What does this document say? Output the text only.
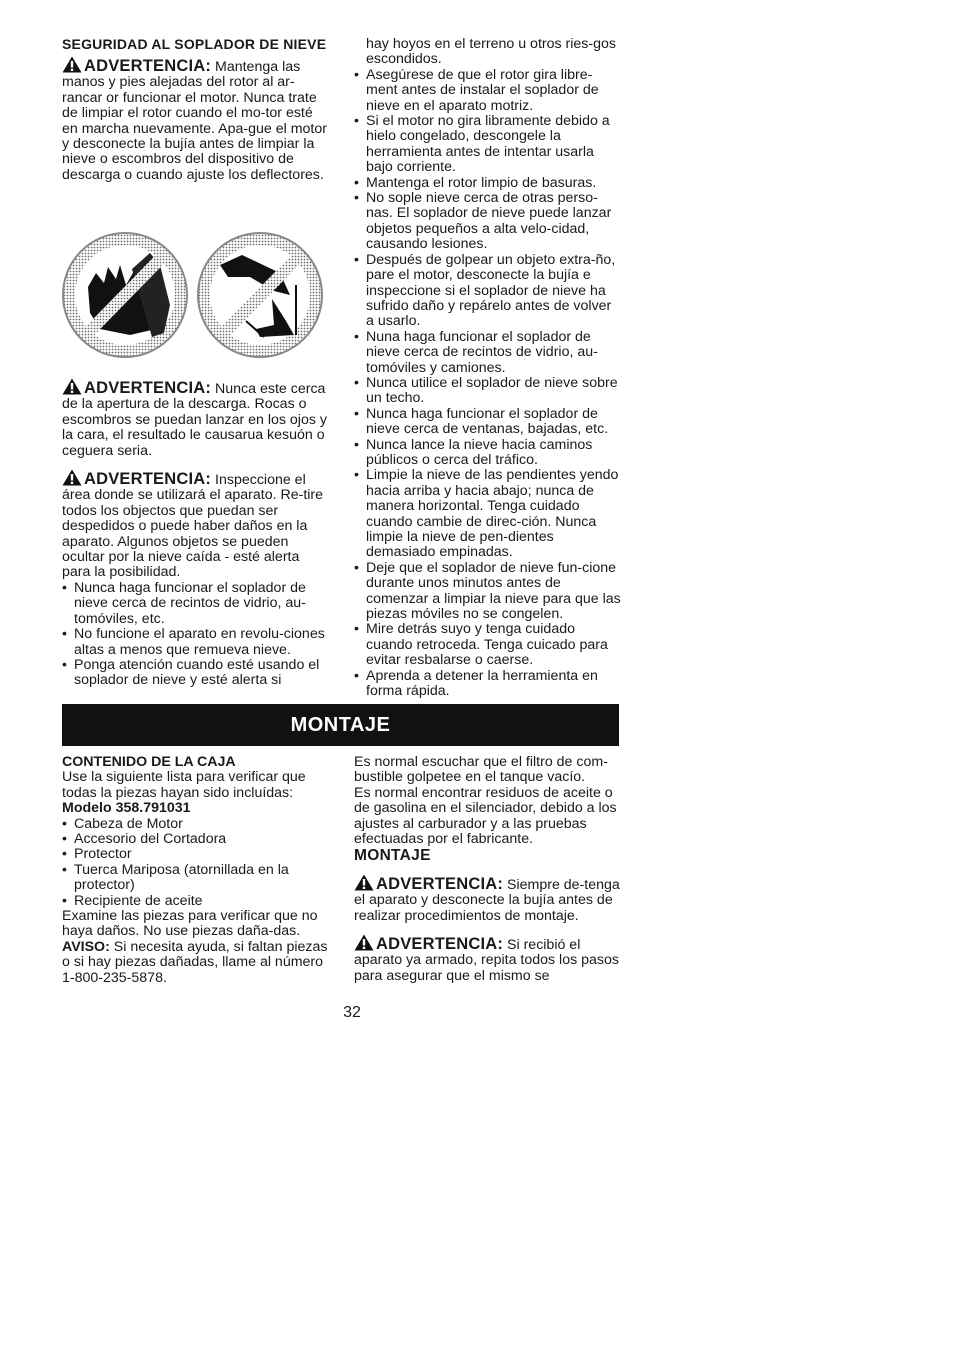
SEGURIDAD AL SOPLADOR DE NIEVE

ADVERTENCIA: Mantenga las manos y pies alejadas del rotor al ar-rancar or funcionar el motor. Nunca trate de limpiar el rotor cuando el mo-tor esté en marcha nuevamente. Apa-gue el motor y desconecte la bujía antes de limpiar la nieve o escombros del dispositivo de descarga o cuando ajuste los deflectores.

ADVERTENCIA: Nunca este cerca de la apertura de la descarga. Rocas o escombros se puedan lanzar en los ojos y la cara, el resultado le causarua kesuón o ceguera seria.

ADVERTENCIA: Inspeccione el área donde se utilizará el aparato. Re-tire todos los objectos que puedan ser despedidos o puede haber daños en la aparato. Algunos objetos se pueden ocultar por la nieve caída - esté alerta para la posibilidad.

• Nunca haga funcionar el soplador de nieve cerca de recintos de vidrio, au-tomóviles, etc.
• No funcione el aparato en revolu-ciones altas a menos que remueva nieve.
• Ponga atención cuando esté usando el soplador de nieve y esté alerta si

hay hoyos en el terreno u otros ries-gos escondidos.

• Asegúrese de que el rotor gira libre-ment antes de instalar el soplador de nieve en el aparato motriz.
• Si el motor no gira libramente debido a hielo congelado, descongele la herramienta antes de intentar usarla bajo corriente.
• Mantenga el rotor limpio de basuras.
• No sople nieve cerca de otras perso-nas. El soplador de nieve puede lanzar objetos pequeños a alta velo-cidad, causando lesiones.
• Después de golpear un objeto extra-ño, pare el motor, desconecte la bujía e inspeccione si el soplador de nieve ha sufrido daño y repárelo antes de volver a usarlo.
• Nuna haga funcionar el soplador de nieve cerca de recintos de vidrio, au-tomóviles y camiones.
• Nunca utilice el soplador de nieve sobre un techo.
• Nunca haga funcionar el soplador de nieve cerca de ventanas, bajadas, etc.
• Nunca lance la nieve hacia caminos públicos o cerca del tráfico.
• Limpie la nieve de las pendientes yendo hacia arriba y hacia abajo; nunca de manera horizontal. Tenga cuidado cuando cambie de direc-ción. Nunca limpie la nieve de pen-dientes demasiado empinadas.
• Deje que el soplador de nieve fun-cione durante unos minutos antes de comenzar a limpiar la nieve para que las piezas móviles no se congelen.
• Mire detrás suyo y tenga cuidado cuando retroceda. Tenga cuicado para evitar resbalarse o caerse.
• Aprenda a detener la herramienta en forma rápida.
MONTAJE

CONTENIDO DE LA CAJA

Use la siguiente lista para verificar que todas la piezas hayan sido incluídas:

Modelo 358.791031

• Cabeza de Motor
• Accesorio del Cortadora
• Protector
• Tuerca Mariposa (atornillada en la protector)
• Recipiente de aceite

Examine las piezas para verificar que no haya daños. No use piezas daña-das.

AVISO: Si necesita ayuda, si faltan piezas o si hay piezas dañadas, llame al número 1-800-235-5878.

Es normal escuchar que el filtro de com-bustible golpetee en el tanque vacío.

Es normal encontrar residuos de aceite o de gasolina en el silenciador, debido a los ajustes al carburador y a las pruebas efectuadas por el fabricante.

MONTAJE

ADVERTENCIA: Siempre de-tenga el aparato y desconecte la bujía antes de realizar procedimientos de montaje.

ADVERTENCIA: Si recibió el aparato ya armado, repita todos los pasos para asegurar que el mismo se

32
